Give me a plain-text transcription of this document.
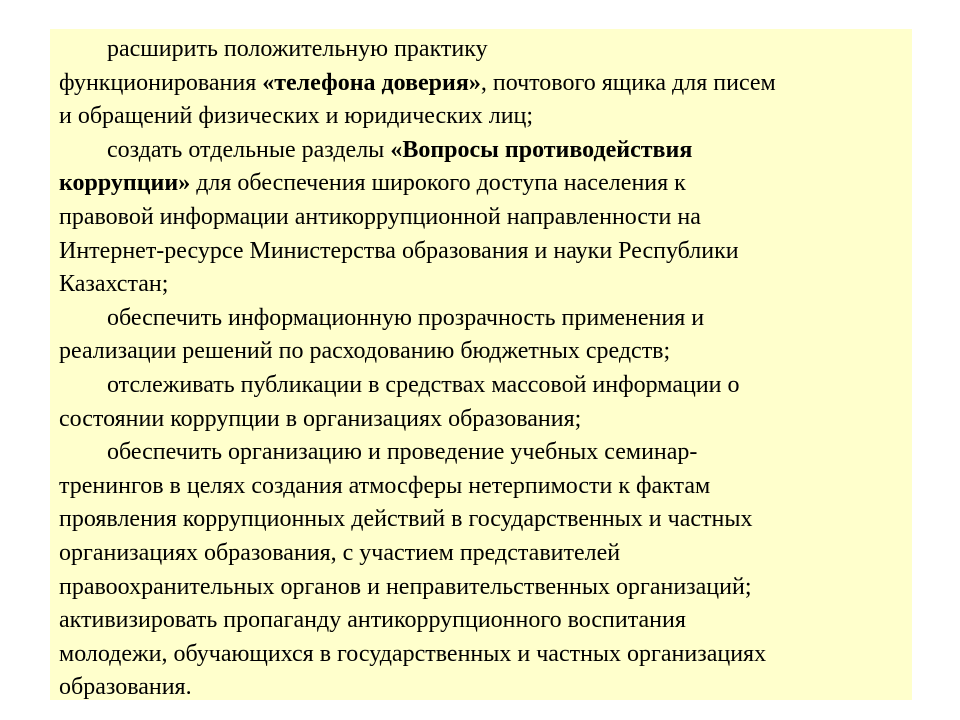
расширить положительную практику
функционирования «телефона доверия», почтового ящика для писем
и обращений физических и юридических лиц;
создать отдельные разделы «Вопросы противодействия
коррупции» для обеспечения широкого доступа населения к
правовой информации антикоррупционной направленности на
Интернет-ресурсе Министерства образования и науки Республики
Казахстан;
обеспечить информационную прозрачность применения и
реализации решений по расходованию бюджетных средств;
отслеживать публикации в средствах массовой информации о
состоянии коррупции в организациях образования;
обеспечить организацию и проведение учебных семинар-
тренингов в целях создания атмосферы нетерпимости к фактам
проявления коррупционных действий в государственных и частных
организациях образования, с участием представителей
правоохранительных органов и неправительственных организаций;
активизировать пропаганду антикоррупционного воспитания
молодежи, обучающихся в государственных и частных организациях
образования.
